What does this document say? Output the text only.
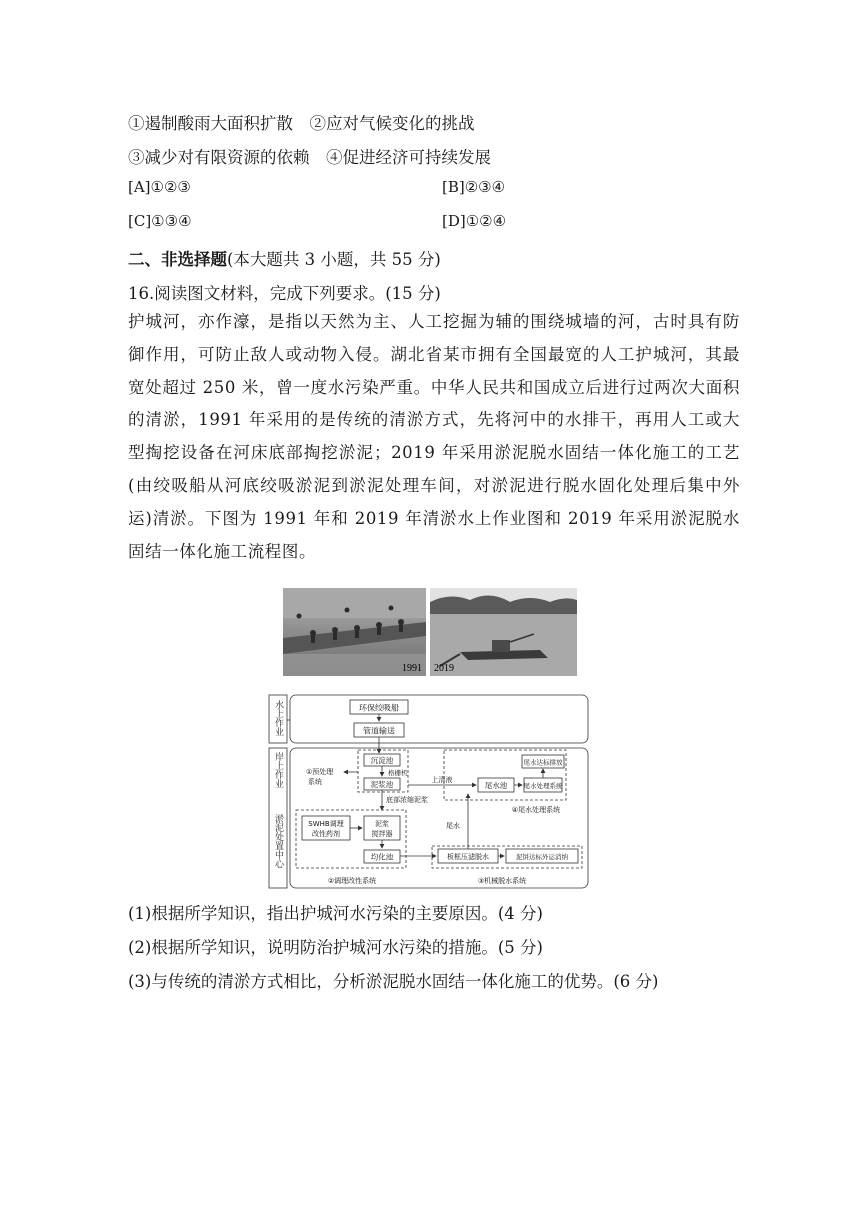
①遏制酸雨大面积扩散　②应对气候变化的挑战
③减少对有限资源的依赖　④促进经济可持续发展
[A]①②③	[B]②③④
[C]①③④	[D]①②④
二、非选择题(本大题共 3 小题，共 55 分)
16.阅读图文材料，完成下列要求。(15 分)
护城河，亦作濠，是指以天然为主、人工挖掘为辅的围绕城墙的河，古时具有防御作用，可防止敌人或动物入侵。湖北省某市拥有全国最宽的人工护城河，其最宽处超过 250 米，曾一度水污染严重。中华人民共和国成立后进行过两次大面积的清淤，1991 年采用的是传统的清淤方式，先将河中的水排干，再用人工或大型掏挖设备在河床底部掏挖淤泥；2019 年采用淤泥脱水固结一体化施工的工艺(由绞吸船从河底绞吸淤泥到淤泥处理车间，对淤泥进行脱水固化处理后集中外运)清淤。下图为 1991 年和 2019 年清淤水上作业图和 2019 年采用淤泥脱水固结一体化施工流程图。
1991 2019
水上作业
岸上作业
淤泥处置中心
环保绞吸船
管道输送
沉淀池
格栅机
泥浆池
①预处理
系统	上清液
尾水池	尾水处理系统
尾水达标排放
④尾水处理系统
底部浓缩泥浆
SWHB调理
改性药剂
泥浆
搅拌器
均化池
②调理改性系统
板框压滤脱水	泥饼达标外运消纳
③机械脱水系统
尾水
(1)根据所学知识，指出护城河水污染的主要原因。(4 分)
(2)根据所学知识，说明防治护城河水污染的措施。(5 分)
(3)与传统的清淤方式相比，分析淤泥脱水固结一体化施工的优势。(6 分)
